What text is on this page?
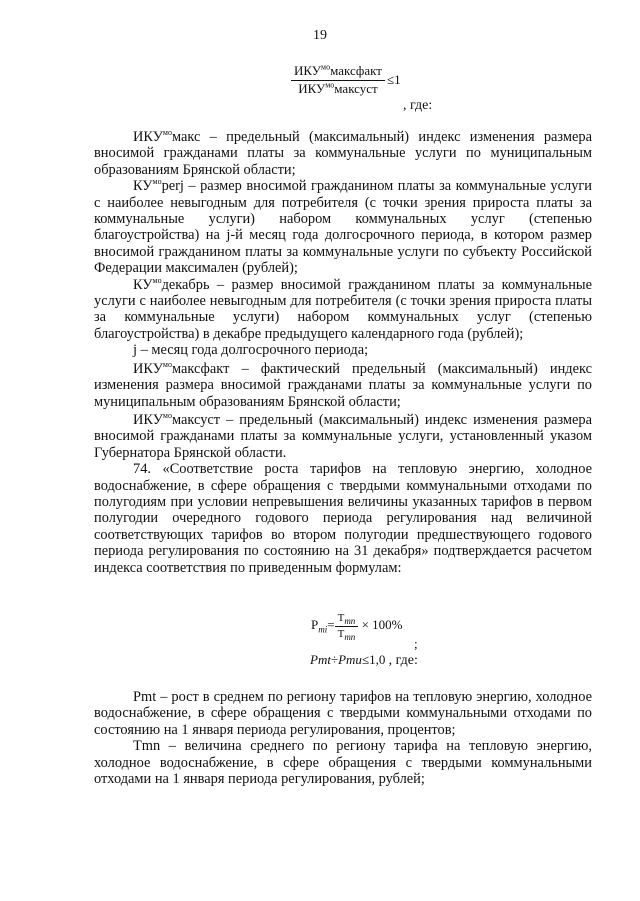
19
$\frac{ИКУ^{мо}максфакт}{ИКУ^{мо}максуст} \le 1$
, где:

$ИКУ^{мо}макс$ – предельный (максимальный) индекс изменения размера вносимой гражданами платы за коммунальные услуги по муниципальным образованиям Брянской области;

$КУ^{мо}perj$ – размер вносимой гражданином платы за коммунальные услуги с наиболее невыгодным для потребителя (с точки зрения прироста платы за коммунальные услуги) набором коммунальных услуг (степенью благоустройства) на j-й месяц года долгосрочного периода, в котором размер вносимой гражданином платы за коммунальные услуги по субъекту Российской Федерации максимален (рублей);

$КУ^{мо}декабрь$ – размер вносимой гражданином платы за коммунальные услуги с наиболее невыгодным для потребителя (с точки зрения прироста платы за коммунальные услуги) набором коммунальных услуг (степенью благоустройства) в декабре предыдущего календарного года (рублей);

j – месяц года долгосрочного периода;

$ИКУ^{мо}максфакт$ – фактический предельный (максимальный) индекс изменения размера вносимой гражданами платы за коммунальные услуги по муниципальным образованиям Брянской области;

$ИКУ^{мо}максуст$ – предельный (максимальный) индекс изменения размера вносимой гражданами платы за коммунальные услуги, установленный указом Губернатора Брянской области.

74. «Соответствие роста тарифов на тепловую энергию, холодное водоснабжение, в сфере обращения с твердыми коммунальными отходами по полугодиям при условии непревышения величины указанных тарифов в первом полугодии очередного годового периода регулирования над величиной соответствующих тарифов во втором полугодии предшествующего годового периода регулирования по состоянию на 31 декабря» подтверждается расчетом индекса соответствия по приведенным формулам:

$P_{mi}= \frac{T_{mn}}{T_{mn}} \times 100\%$
;
Pmt÷Pmu≤1,0 , где:

Pmt – рост в среднем по региону тарифов на тепловую энергию, холодное водоснабжение, в сфере обращения с твердыми коммунальными отходами по состоянию на 1 января периода регулирования, процентов;

Tmn – величина среднего по региону тарифа на тепловую энергию, холодное водоснабжение, в сфере обращения с твердыми коммунальными отходами на 1 января периода регулирования, рублей;
